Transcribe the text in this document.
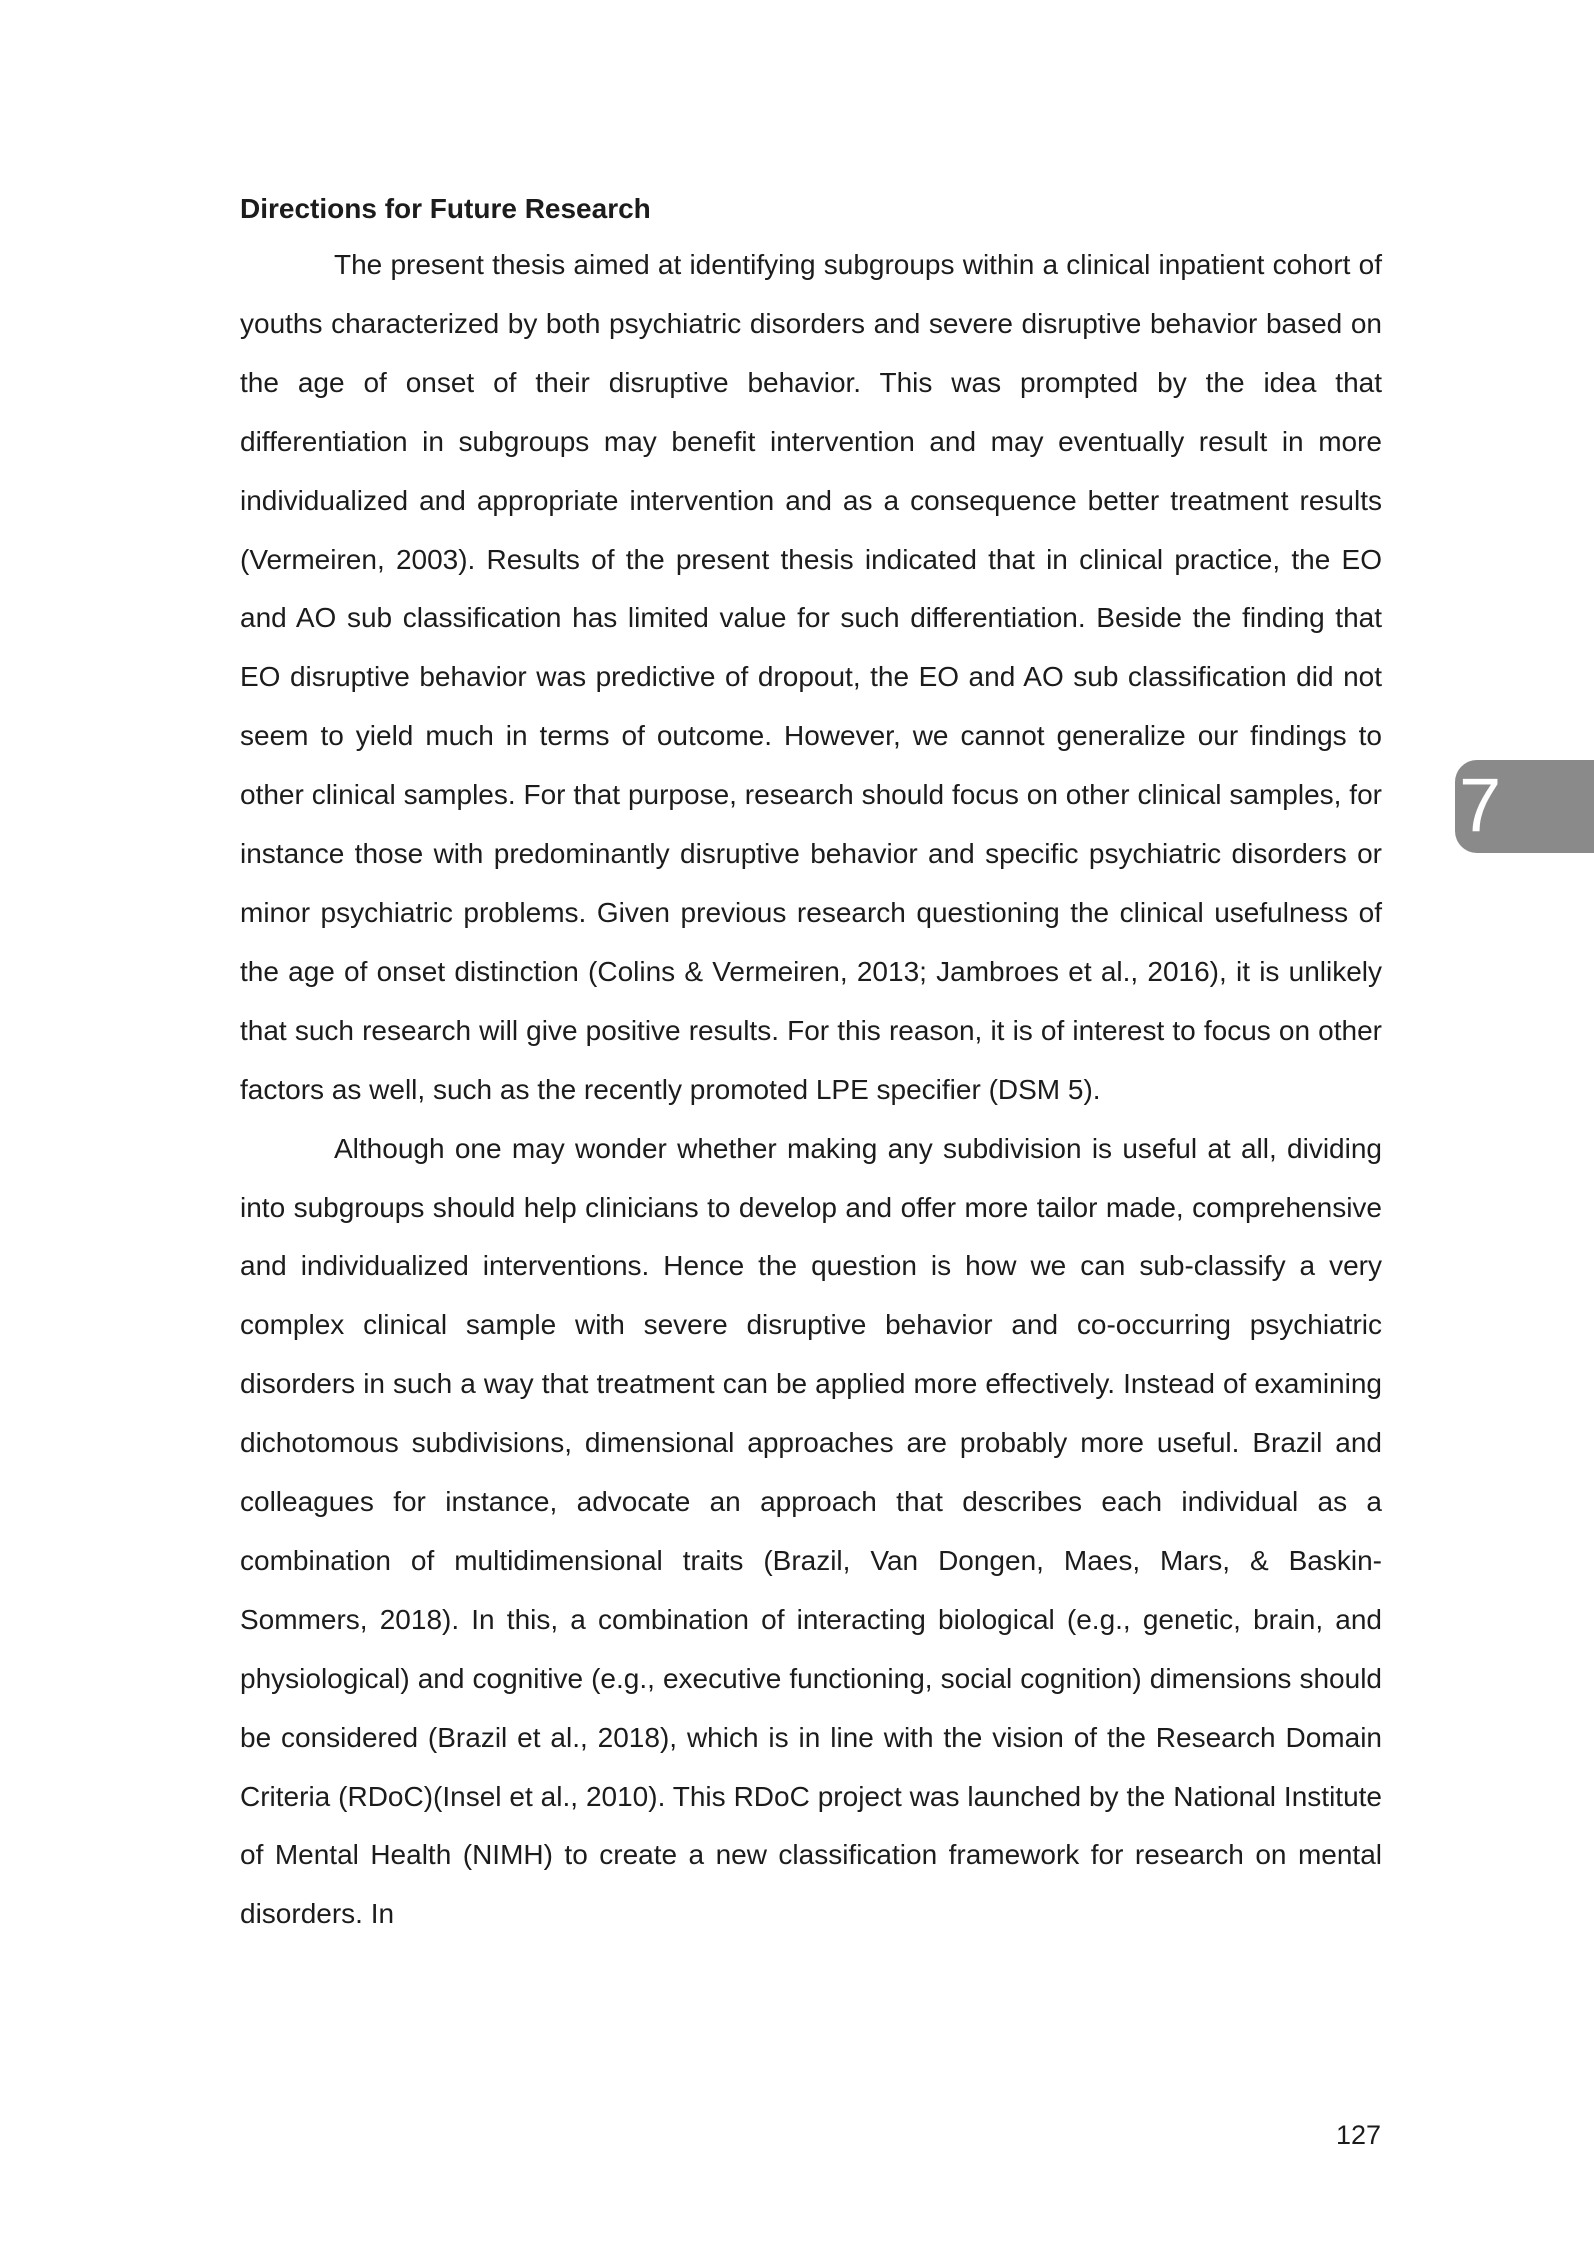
Directions for Future Research

The present thesis aimed at identifying subgroups within a clinical inpatient cohort of youths characterized by both psychiatric disorders and severe disruptive behavior based on the age of onset of their disruptive behavior. This was prompted by the idea that differentiation in subgroups may benefit intervention and may eventually result in more individualized and appropriate intervention and as a consequence better treatment results (Vermeiren, 2003). Results of the present thesis indicated that in clinical practice, the EO and AO sub classification has limited value for such differentiation. Beside the finding that EO disruptive behavior was predictive of dropout, the EO and AO sub classification did not seem to yield much in terms of outcome. However, we cannot generalize our findings to other clinical samples. For that purpose, research should focus on other clinical samples, for instance those with predominantly disruptive behavior and specific psychiatric disorders or minor psychiatric problems. Given previous research questioning the clinical usefulness of the age of onset distinction (Colins & Vermeiren, 2013; Jambroes et al., 2016), it is unlikely that such research will give positive results. For this reason, it is of interest to focus on other factors as well, such as the recently promoted LPE specifier (DSM 5).

Although one may wonder whether making any subdivision is useful at all, dividing into subgroups should help clinicians to develop and offer more tailor made, comprehensive and individualized interventions. Hence the question is how we can sub-classify a very complex clinical sample with severe disruptive behavior and co-occurring psychiatric disorders in such a way that treatment can be applied more effectively. Instead of examining dichotomous subdivisions, dimensional approaches are probably more useful. Brazil and colleagues for instance, advocate an approach that describes each individual as a combination of multidimensional traits (Brazil, Van Dongen, Maes, Mars, & Baskin-Sommers, 2018). In this, a combination of interacting biological (e.g., genetic, brain, and physiological) and cognitive (e.g., executive functioning, social cognition) dimensions should be considered (Brazil et al., 2018), which is in line with the vision of the Research Domain Criteria (RDoC)(Insel et al., 2010). This RDoC project was launched by the National Institute of Mental Health (NIMH) to create a new classification framework for research on mental disorders. In

7
127
